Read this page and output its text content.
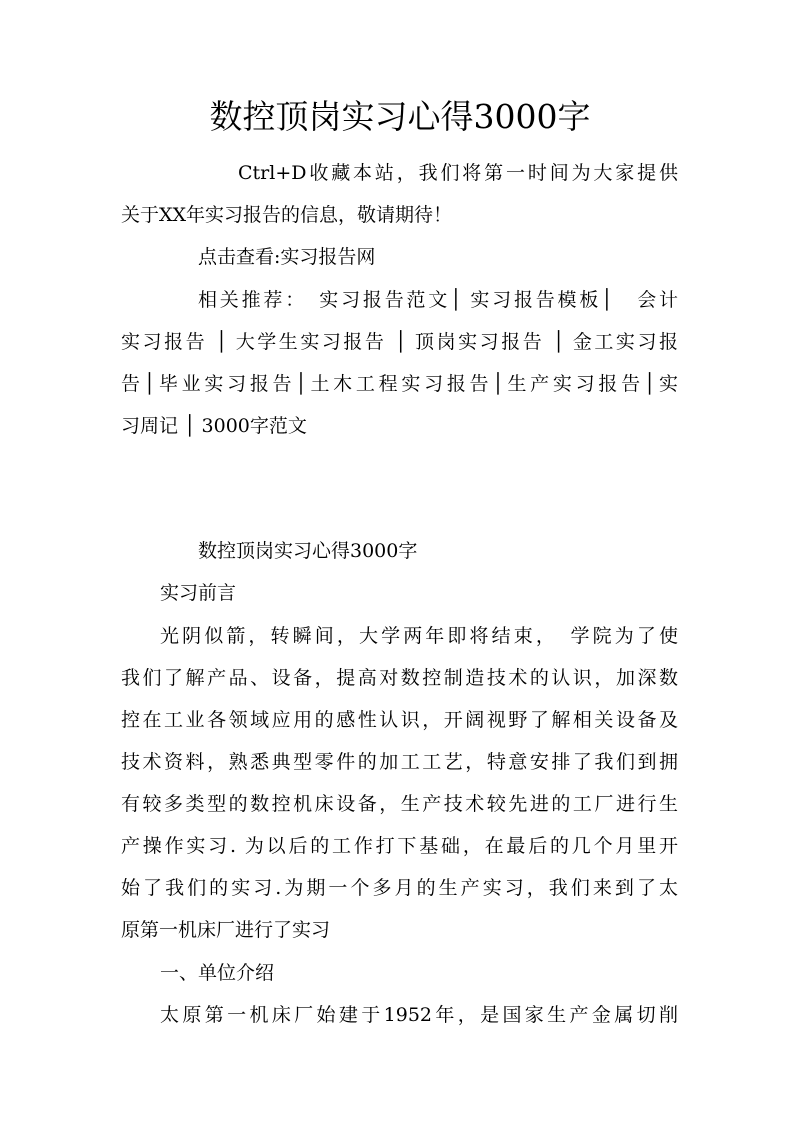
数控顶岗实习心得3000字

Ctrl+D收藏本站，我们将第一时间为大家提供

关于XX年实习报告的信息，敬请期待！

点击查看:实习报告网

相关推荐：　实习报告范文│ 实习报告模板│　会计

实习报告 │ 大学生实习报告 │ 顶岗实习报告 │ 金工实习报

告│毕业实习报告│土木工程实习报告│生产实习报告│实

习周记 │ 3000字范文

数控顶岗实习心得3000字

实习前言

光阴似箭，转瞬间，大学两年即将结束，　学院为了使

我们了解产品、设备，提高对数控制造技术的认识，加深数

控在工业各领域应用的感性认识，开阔视野了解相关设备及

技术资料，熟悉典型零件的加工工艺，特意安排了我们到拥

有较多类型的数控机床设备，生产技术较先进的工厂进行生

产操作实习. 为以后的工作打下基础，在最后的几个月里开

始了我们的实习.为期一个多月的生产实习，我们来到了太

原第一机床厂进行了实习

一、单位介绍

太原第一机床厂始建于1952年，是国家生产金属切削
